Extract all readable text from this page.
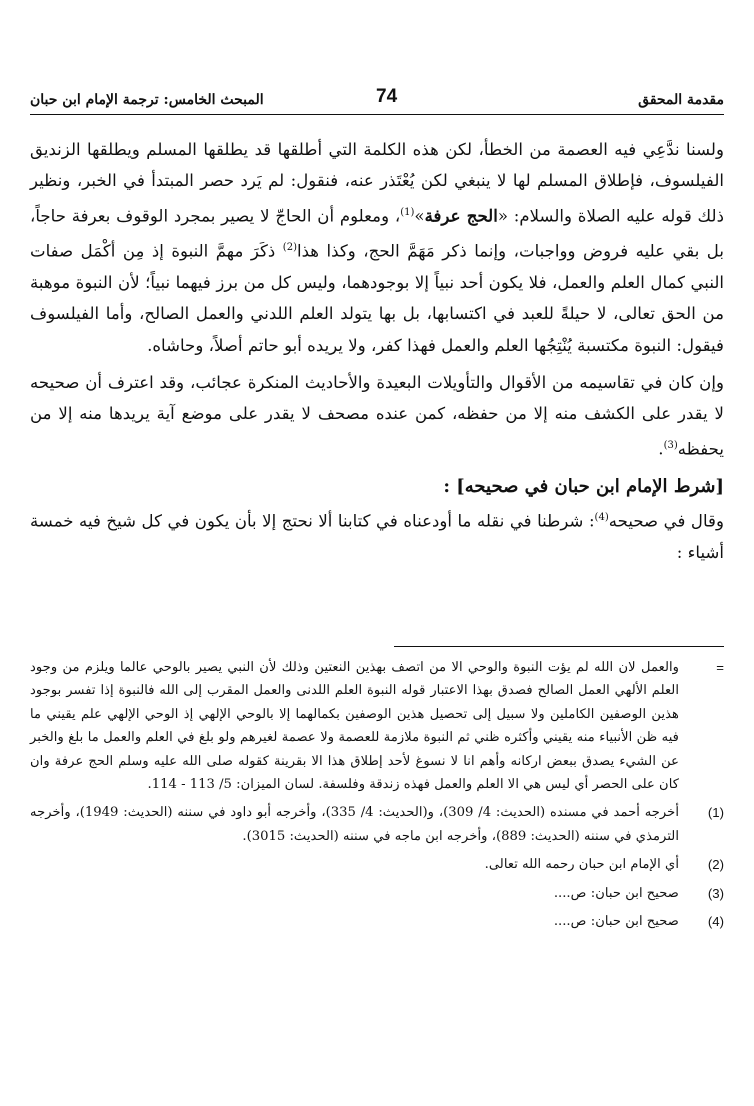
مقدمة المحقق
74
المبحث الخامس: ترجمة الإمام ابن حبان

ولسنا ندَّعِي فيه العصمة من الخطأ، لكن هذه الكلمة التي أطلقها قد يطلقها المسلم ويطلقها الزنديق الفيلسوف، فإطلاق المسلم لها لا ينبغي لكن يُعْتَذر عنه، فنقول: لم يَرد حصر المبتدأ في الخبر، ونظير ذلك قوله عليه الصلاة والسلام: «الحج عرفة»$^{(1)}$، ومعلوم أن الحاجّ لا يصير بمجرد الوقوف بعرفة حاجاً، بل بقي عليه فروض وواجبات، وإنما ذكر مَهَمَّ الحج، وكذا هذا$^{(2)}$ ذكَرَ مهمَّ النبوة إذ مِن أكْمَل صفات النبي كمال العلم والعمل، فلا يكون أحد نبياً إلا بوجودهما، وليس كل من برز فيهما نبياً؛ لأن النبوة موهبة من الحق تعالى، لا حيلةً للعبد في اكتسابها، بل بها يتولد العلم اللدني والعمل الصالح، وأما الفيلسوف فيقول: النبوة مكتسبة يُنْتِجُها العلم والعمل فهذا كفر، ولا يريده أبو حاتم أصلاً، وحاشاه.

وإن كان في تقاسيمه من الأقوال والتأويلات البعيدة والأحاديث المنكرة عجائب، وقد اعترف أن صحيحه لا يقدر على الكشف منه إلا من حفظه، كمن عنده مصحف لا يقدر على موضع آية يريدها منه إلا من يحفظه$^{(3)}$.

[شرط الإمام ابن حبان في صحيحه] :

وقال في صحيحه$^{(4)}$: شرطنا في نقله ما أودعناه في كتابنا ألا نحتج إلا بأن يكون في كل شيخ فيه خمسة أشياء :

=
والعمل لان الله لم يؤت النبوة والوحي الا من اتصف بهذين النعتين وذلك لأن النبي يصير بالوحي عالما ويلزم من وجود العلم الألهي العمل الصالح فصدق بهذا الاعتبار قوله النبوة العلم اللدنى والعمل المقرب إلى الله فالنبوة إذا تفسر بوجود هذين الوصفين الكاملين ولا سبيل إلى تحصيل هذين الوصفين بكمالهما إلا بالوحي الإلهي إذ الوحي الإلهي علم يقيني ما فيه ظن الأنبياء منه يقيني وأكثره ظني ثم النبوة ملازمة للعصمة ولا عصمة لغيرهم ولو بلغ في العلم والعمل ما بلغ والخبر عن الشيء يصدق ببعض اركانه وأهم انا لا نسوغ لأحد إطلاق هذا الا بقرينة كقوله صلى الله عليه وسلم الحج عرفة وان كان على الحصر أي ليس هي الا العلم والعمل فهذه زندقة وفلسفة. لسان الميزان: 5/ 113 - 114.
(1)
أخرجه أحمد في مسنده (الحديث: 4/ 309)، و(الحديث: 4/ 335)، وأخرجه أبو داود في سننه (الحديث: 1949)، وأخرجه الترمذي في سننه (الحديث: 889)، وأخرجه ابن ماجه في سننه (الحديث: 3015).
(2)
أي الإمام ابن حبان رحمه الله تعالى.
(3)
صحيح ابن حبان: ص....
(4)
صحيح ابن حبان: ص....
